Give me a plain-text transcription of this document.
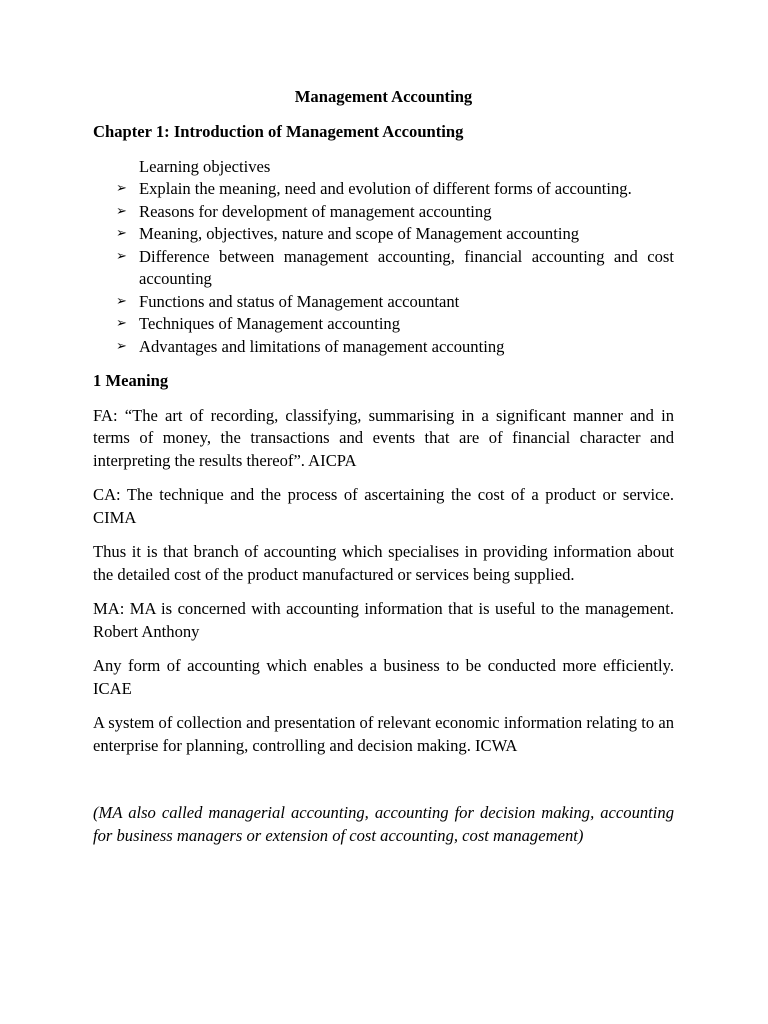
Management Accounting
Chapter 1: Introduction of Management Accounting
Learning objectives
➢ Explain the meaning, need and evolution of different forms of accounting.
➢ Reasons for development of management accounting
➢ Meaning, objectives, nature and scope of Management accounting
➢ Difference between management accounting, financial accounting and cost accounting
➢ Functions and status of Management accountant
➢ Techniques of Management accounting
➢ Advantages and limitations of management accounting
1 Meaning

FA: “The art of recording, classifying, summarising in a significant manner and in terms of money, the transactions and events that are of financial character and interpreting the results thereof”. AICPA

CA: The technique and the process of ascertaining the cost of a product or service. CIMA

Thus it is that branch of accounting which specialises in providing information about the detailed cost of the product manufactured or services being supplied.

MA: MA is concerned with accounting information that is useful to the management. Robert Anthony

Any form of accounting which enables a business to be conducted more efficiently. ICAE

A system of collection and presentation of relevant economic information relating to an enterprise for planning, controlling and decision making. ICWA

(MA also called managerial accounting, accounting for decision making, accounting for business managers or extension of cost accounting, cost management)
